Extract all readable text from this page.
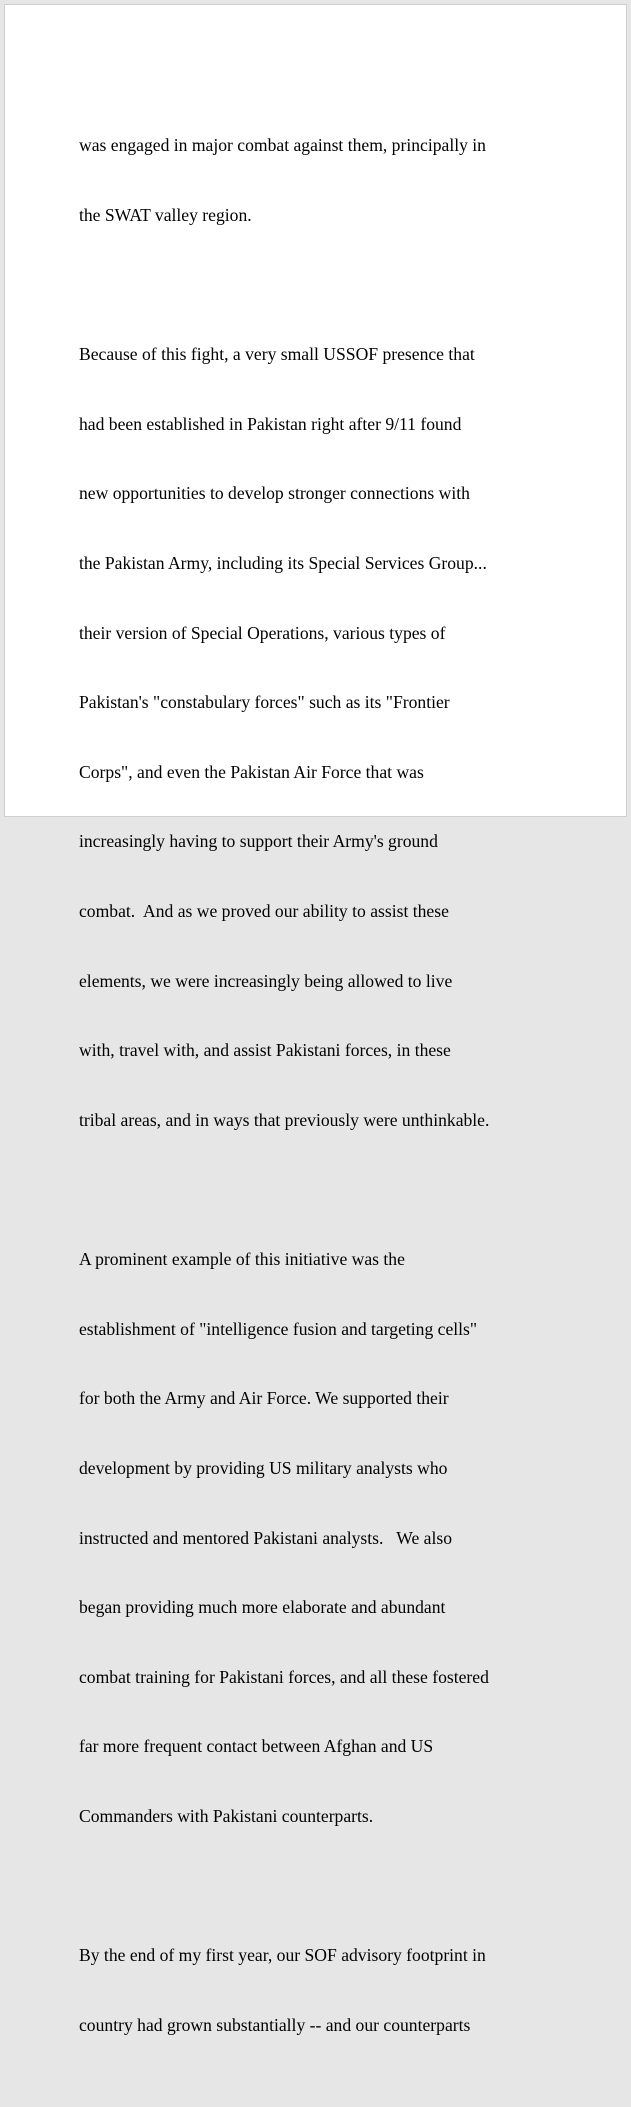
was engaged in major combat against them, principally in

the SWAT valley region.

Because of this fight, a very small USSOF presence that

had been established in Pakistan right after 9/11 found

new opportunities to develop stronger connections with

the Pakistan Army, including its Special Services Group...

their version of Special Operations, various types of

Pakistan's "constabulary forces" such as its "Frontier

Corps", and even the Pakistan Air Force that was

increasingly having to support their Army's ground

combat.  And as we proved our ability to assist these

elements, we were increasingly being allowed to live

with, travel with, and assist Pakistani forces, in these

tribal areas, and in ways that previously were unthinkable.

A prominent example of this initiative was the

establishment of "intelligence fusion and targeting cells"

for both the Army and Air Force. We supported their

development by providing US military analysts who

instructed and mentored Pakistani analysts.   We also

began providing much more elaborate and abundant

combat training for Pakistani forces, and all these fostered

far more frequent contact between Afghan and US

Commanders with Pakistani counterparts.

By the end of my first year, our SOF advisory footprint in

country had grown substantially -- and our counterparts
